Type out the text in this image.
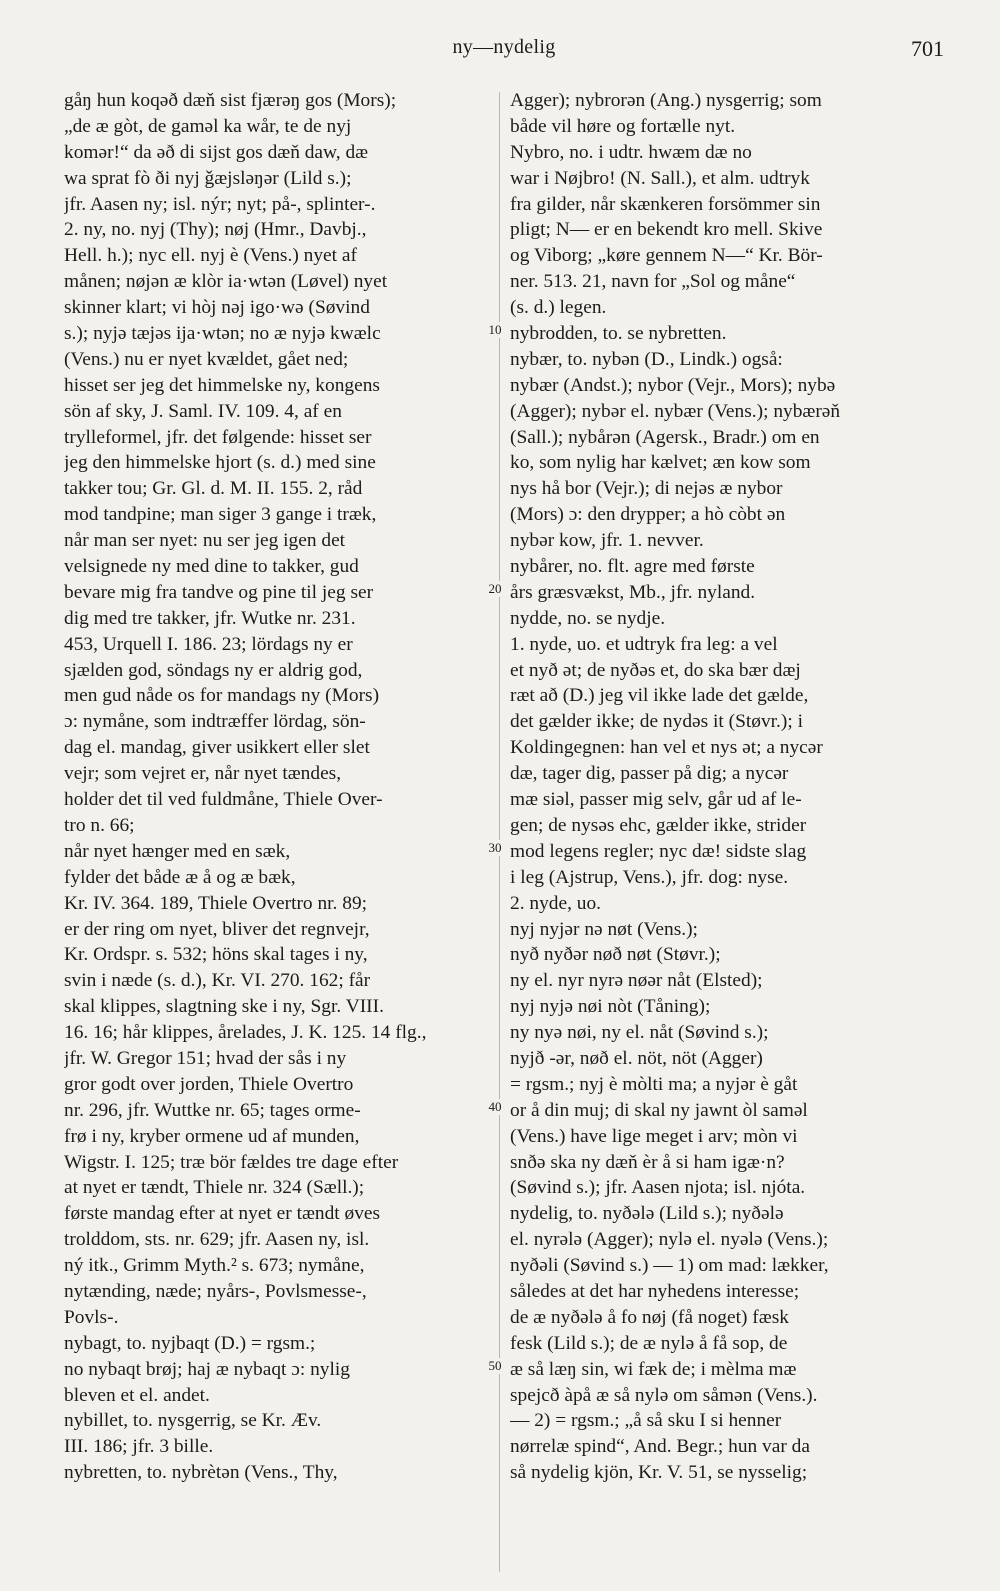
ny—nydelig	701
gåŋ hun koqəð dæň sist fjærəŋ gos (Mors);
„de æ gòt, de gaməl ka wår, te de nyj
komər!“ da əð di sijst gos dæň daw, dæ
wa sprat fò ði nyj ǧæjsləŋər (Lild s.);
jfr. Aasen ny; isl. nýr; nyt; på-, splinter-.
2. ny, no. nyj (Thy); nøj (Hmr., Davbj.,
Hell. h.); nyc ell. nyj è (Vens.) nyet af
månen; nøjən æ klòr ia·wtən (Løvel) nyet
skinner klart; vi hòj nəj igo·wə (Søvind
s.); nyjə tæjəs ija·wtən; no æ nyjə kwælc
(Vens.) nu er nyet kvældet, gået ned;
hisset ser jeg det himmelske ny, kongens
sön af sky, J. Saml. IV. 109. 4, af en
trylleformel, jfr. det følgende: hisset ser
jeg den himmelske hjort (s. d.) med sine
takker tou; Gr. Gl. d. M. II. 155. 2, råd
mod tandpine; man siger 3 gange i træk,
når man ser nyet: nu ser jeg igen det
velsignede ny med dine to takker, gud
bevare mig fra tandve og pine til jeg ser
dig med tre takker, jfr. Wutke nr. 231.
453, Urquell I. 186. 23; lördags ny er
sjælden god, söndags ny er aldrig god,
men gud nåde os for mandags ny (Mors)
ɔ: nymåne, som indtræffer lördag, sön-
dag el. mandag, giver usikkert eller slet
vejr; som vejret er, når nyet tændes,
holder det til ved fuldmåne, Thiele Over-
tro n. 66;
når nyet hænger med en sæk,
fylder det både æ å og æ bæk,
Kr. IV. 364. 189, Thiele Overtro nr. 89;
er der ring om nyet, bliver det regnvejr,
Kr. Ordspr. s. 532; höns skal tages i ny,
svin i næde (s. d.), Kr. VI. 270. 162; får
skal klippes, slagtning ske i ny, Sgr. VIII.
16. 16; hår klippes, årelades, J. K. 125. 14 flg.,
jfr. W. Gregor 151; hvad der sås i ny
gror godt over jorden, Thiele Overtro
nr. 296, jfr. Wuttke nr. 65; tages orme-
frø i ny, kryber ormene ud af munden,
Wigstr. I. 125; træ bör fældes tre dage efter
at nyet er tændt, Thiele nr. 324 (Sæll.);
første mandag efter at nyet er tændt øves
trolddom, sts. nr. 629; jfr. Aasen ny, isl.
ný itk., Grimm Myth.² s. 673; nymåne,
nytænding, næde; nyårs-, Povlsmesse-,
Povls-.
nybagt, to. nyjbaqt (D.) = rgsm.;
no nybaqt brøj; haj æ nybaqt ɔ: nylig
bleven et el. andet.
nybillet, to. nysgerrig, se Kr. Æv.
III. 186; jfr. 3 bille.
nybretten, to. nybrètən (Vens., Thy,
Agger); nybrorən (Ang.) nysgerrig; som
både vil høre og fortælle nyt.
Nybro, no. i udtr. hwæm dæ no
war i Nøjbro! (N. Sall.), et alm. udtryk
fra gilder, når skænkeren forsömmer sin
pligt; N— er en bekendt kro mell. Skive
og Viborg; „køre gennem N—“ Kr. Bör-
ner. 513. 21, navn for „Sol og måne“
(s. d.) legen.
nybrodden, to. se nybretten.
nybær, to. nybən (D., Lindk.) også:
nybær (Andst.); nybor (Vejr., Mors); nybə
(Agger); nybər el. nybær (Vens.); nybærəň
(Sall.); nybårən (Agersk., Bradr.) om en
ko, som nylig har kælvet; æn kow som
nys hå bor (Vejr.); di nejəs æ nybor
(Mors) ɔ: den drypper; a hò còbt ən
nybər kow, jfr. 1. nevver.
nybårer, no. flt. agre med første
års græsvækst, Mb., jfr. nyland.
nydde, no. se nydje.
1. nyde, uo. et udtryk fra leg: a vel
et nyð ət; de nyðəs et, do ska bær dæj
ræt að (D.) jeg vil ikke lade det gælde,
det gælder ikke; de nydəs it (Støvr.); i
Koldingegnen: han vel et nys ət; a nycər
dæ, tager dig, passer på dig; a nycər
mæ siəl, passer mig selv, går ud af le-
gen; de nysəs ehc, gælder ikke, strider
mod legens regler; nyc dæ! sidste slag
i leg (Ajstrup, Vens.), jfr. dog: nyse.
2. nyde, uo.
nyj nyjər nə nøt (Vens.);
nyð nyðər nøð nøt (Støvr.);
ny el. nyr nyrə nøər nåt (Elsted);
nyj nyjə nøi nòt (Tåning);
ny nyə nøi, ny el. nåt (Søvind s.);
nyjð -ər, nøð el. nöt, nöt (Agger)
= rgsm.; nyj è mòlti ma; a nyjər è gåt
or å din muj; di skal ny jawnt òl saməl
(Vens.) have lige meget i arv; mòn vi
snðə ska ny dæň èr å si ham igæ·n?
(Søvind s.); jfr. Aasen njota; isl. njóta.
nydelig, to. nyðələ (Lild s.); nyðələ
el. nyrələ (Agger); nylə el. nyələ (Vens.);
nyðəli (Søvind s.) — 1) om mad: lækker,
således at det har nyhedens interesse;
de æ nyðələ å fo nøj (få noget) fæsk
fesk (Lild s.); de æ nylə å få sop, de
æ så læŋ sin, wi fæk de; i mèlma mæ
spejcð àpå æ så nylə om såmən (Vens.).
— 2) = rgsm.; „å så sku I si henner
nørrelæ spind“, And. Begr.; hun var da
så nydelig kjön, Kr. V. 51, se nysselig;
10
20
30
40
50
